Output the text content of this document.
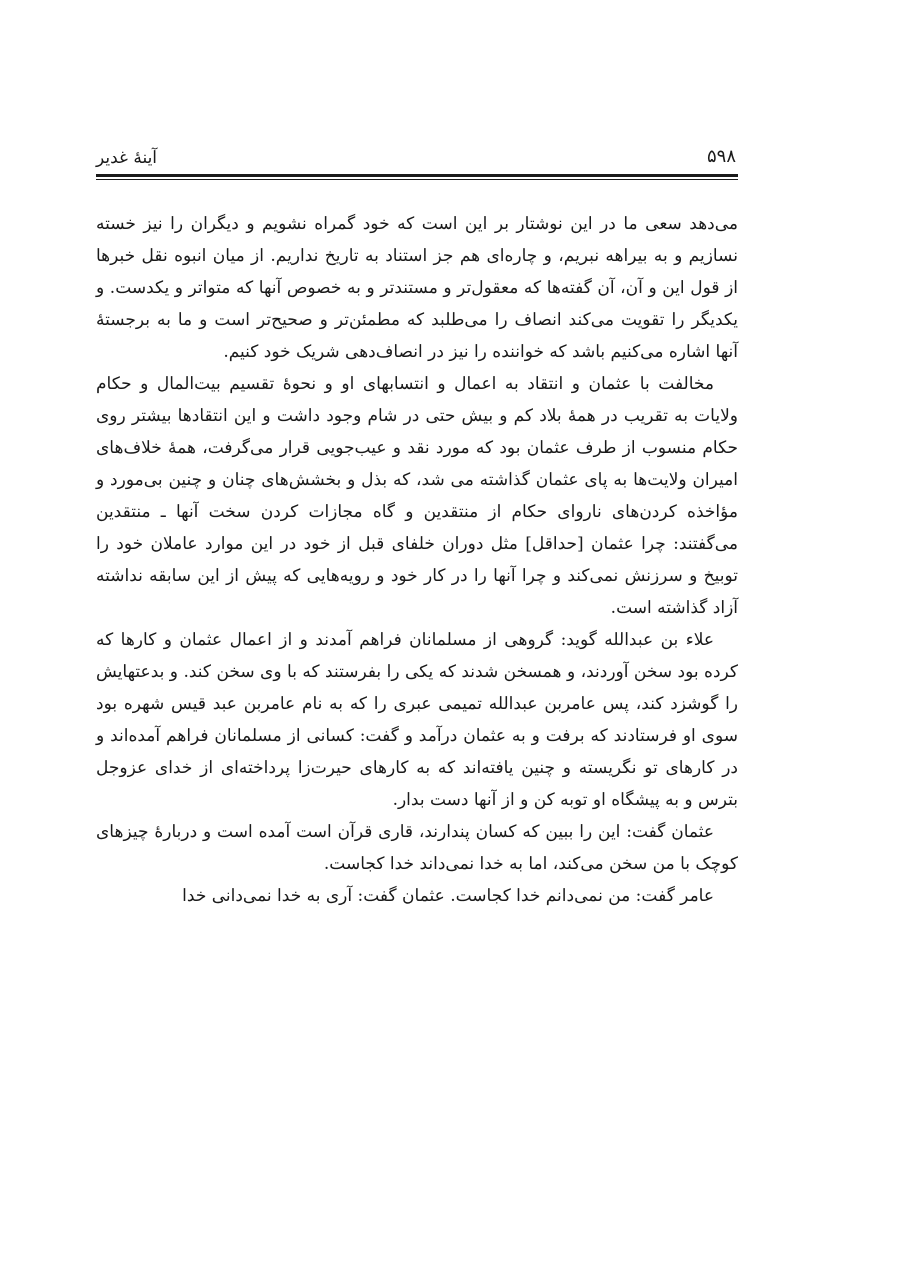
آینهٔ غدیر	۵۹۸

می‌دهد سعی ما در این نوشتار بر این است که خود گمراه نشویم و دیگران را نیز خسته نسازیم و به بیراهه نبریم، و چاره‌ای هم جز استناد به تاریخ نداریم. از میان انبوه نقل خبرها از قول این و آن، آن گفته‌ها که معقول‌تر و مستندتر و به خصوص آنها که متواتر و یکدست. و یکدیگر را تقویت می‌کند انصاف را می‌طلبد که مطمئن‌تر و صحیح‌تر است و ما به برجستهٔ آنها اشاره می‌کنیم باشد که خواننده را نیز در انصاف‌دهی شریک خود کنیم.

مخالفت با عثمان و انتقاد به اعمال و انتسابهای او و نحوهٔ تقسیم بیت‌المال و حکام ولایات به تقریب در همهٔ بلاد کم و بیش حتی در شام وجود داشت و این انتقادها بیشتر روی حکام منسوب از طرف عثمان بود که مورد نقد و عیب‌جویی قرار می‌گرفت، همهٔ خلاف‌های امیران ولایت‌ها به پای عثمان گذاشته می شد، که بذل و بخشش‌های چنان و چنین بی‌مورد و مؤاخذه کردن‌های ناروای حکام از منتقدین و گاه مجازات کردن سخت آنها ـ منتقدین می‌گفتند: چرا عثمان [حداقل] مثل دوران خلفای قبل از خود در این موارد عاملان خود را توبیخ و سرزنش نمی‌کند و چرا آنها را در کار خود و رویه‌هایی که پیش از این سابقه نداشته آزاد گذاشته است.

علاء بن عبدالله گوید: گروهی از مسلمانان فراهم آمدند و از اعمال عثمان و کارها که کرده بود سخن آوردند، و همسخن شدند که یکی را بفرستند که با وی سخن کند. و بدعتهایش را گوشزد کند، پس عامربن عبدالله تمیمی عبری را که به نام عامربن عبد قیس شهره بود سوی او فرستادند که برفت و به عثمان درآمد و گفت: کسانی از مسلمانان فراهم آمده‌اند و در کارهای تو نگریسته و چنین یافته‌اند که به کارهای حیرت‌زا پرداخته‌ای از خدای عزوجل بترس و به پیشگاه او توبه کن و از آنها دست بدار.

عثمان گفت: این را ببین که کسان پندارند، قاری قرآن است آمده است و دربارهٔ چیزهای کوچک با من سخن می‌کند، اما به خدا نمی‌داند خدا کجاست.

عامر گفت: من نمی‌دانم خدا کجاست. عثمان گفت: آری به خدا نمی‌دانی خدا
